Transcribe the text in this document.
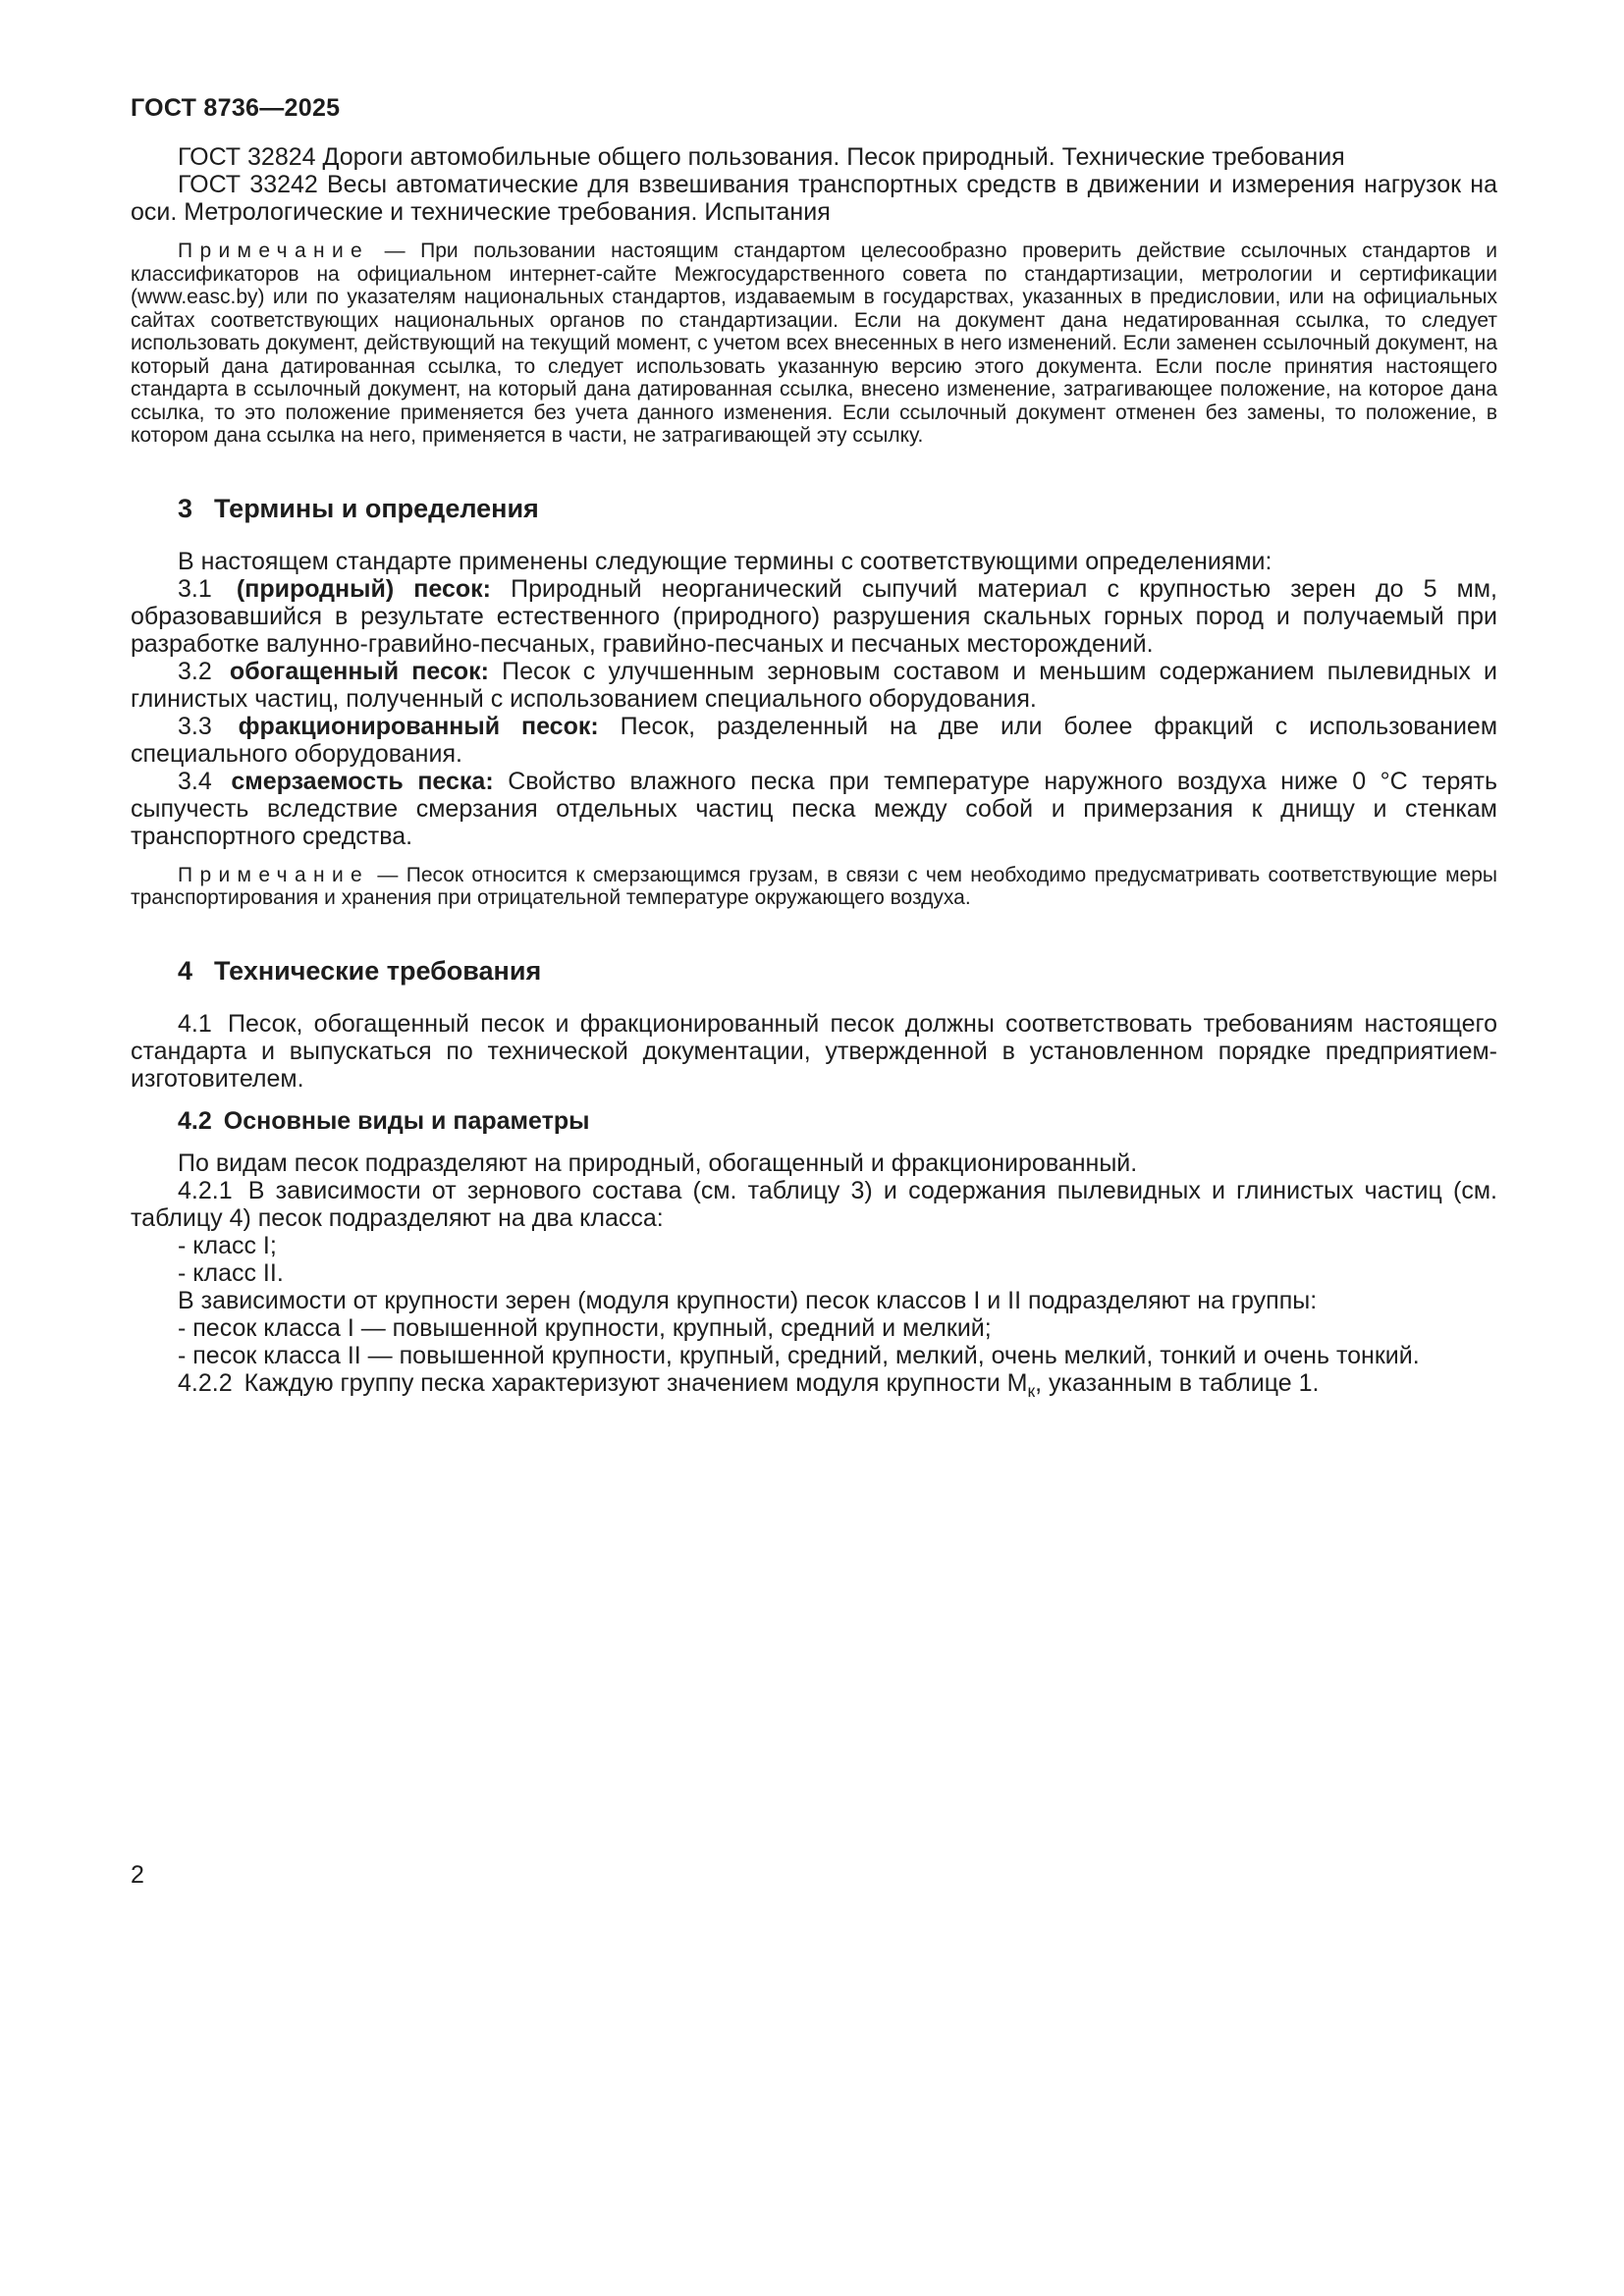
ГОСТ 8736—2025

ГОСТ 32824 Дороги автомобильные общего пользования. Песок природный. Технические требования

ГОСТ 33242 Весы автоматические для взвешивания транспортных средств в движении и измерения нагрузок на оси. Метрологические и технические требования. Испытания

Примечание — При пользовании настоящим стандартом целесообразно проверить действие ссылочных стандартов и классификаторов на официальном интернет-сайте Межгосударственного совета по стандартизации, метрологии и сертификации (www.easc.by) или по указателям национальных стандартов, издаваемым в государствах, указанных в предисловии, или на официальных сайтах соответствующих национальных органов по стандартизации. Если на документ дана недатированная ссылка, то следует использовать документ, действующий на текущий момент, с учетом всех внесенных в него изменений. Если заменен ссылочный документ, на который дана датированная ссылка, то следует использовать указанную версию этого документа. Если после принятия настоящего стандарта в ссылочный документ, на который дана датированная ссылка, внесено изменение, затрагивающее положение, на которое дана ссылка, то это положение применяется без учета данного изменения. Если ссылочный документ отменен без замены, то положение, в котором дана ссылка на него, применяется в части, не затрагивающей эту ссылку.

3 Термины и определения

В настоящем стандарте применены следующие термины с соответствующими определениями:

3.1 (природный) песок: Природный неорганический сыпучий материал с крупностью зерен до 5 мм, образовавшийся в результате естественного (природного) разрушения скальных горных пород и получаемый при разработке валунно-гравийно-песчаных, гравийно-песчаных и песчаных месторождений.

3.2 обогащенный песок: Песок с улучшенным зерновым составом и меньшим содержанием пылевидных и глинистых частиц, полученный с использованием специального оборудования.

3.3 фракционированный песок: Песок, разделенный на две или более фракций с использованием специального оборудования.

3.4 смерзаемость песка: Свойство влажного песка при температуре наружного воздуха ниже 0 °С терять сыпучесть вследствие смерзания отдельных частиц песка между собой и примерзания к днищу и стенкам транспортного средства.

Примечание — Песок относится к смерзающимся грузам, в связи с чем необходимо предусматривать соответствующие меры транспортирования и хранения при отрицательной температуре окружающего воздуха.

4 Технические требования

4.1 Песок, обогащенный песок и фракционированный песок должны соответствовать требованиям настоящего стандарта и выпускаться по технической документации, утвержденной в установленном порядке предприятием-изготовителем.

4.2 Основные виды и параметры

По видам песок подразделяют на природный, обогащенный и фракционированный.

4.2.1 В зависимости от зернового состава (см. таблицу 3) и содержания пылевидных и глинистых частиц (см. таблицу 4) песок подразделяют на два класса:

- класс I;

- класс II.

В зависимости от крупности зерен (модуля крупности) песок классов I и II подразделяют на группы:

- песок класса I — повышенной крупности, крупный, средний и мелкий;

- песок класса II — повышенной крупности, крупный, средний, мелкий, очень мелкий, тонкий и очень тонкий.

4.2.2 Каждую группу песка характеризуют значением модуля крупности $М_к$, указанным в таблице 1.

2
